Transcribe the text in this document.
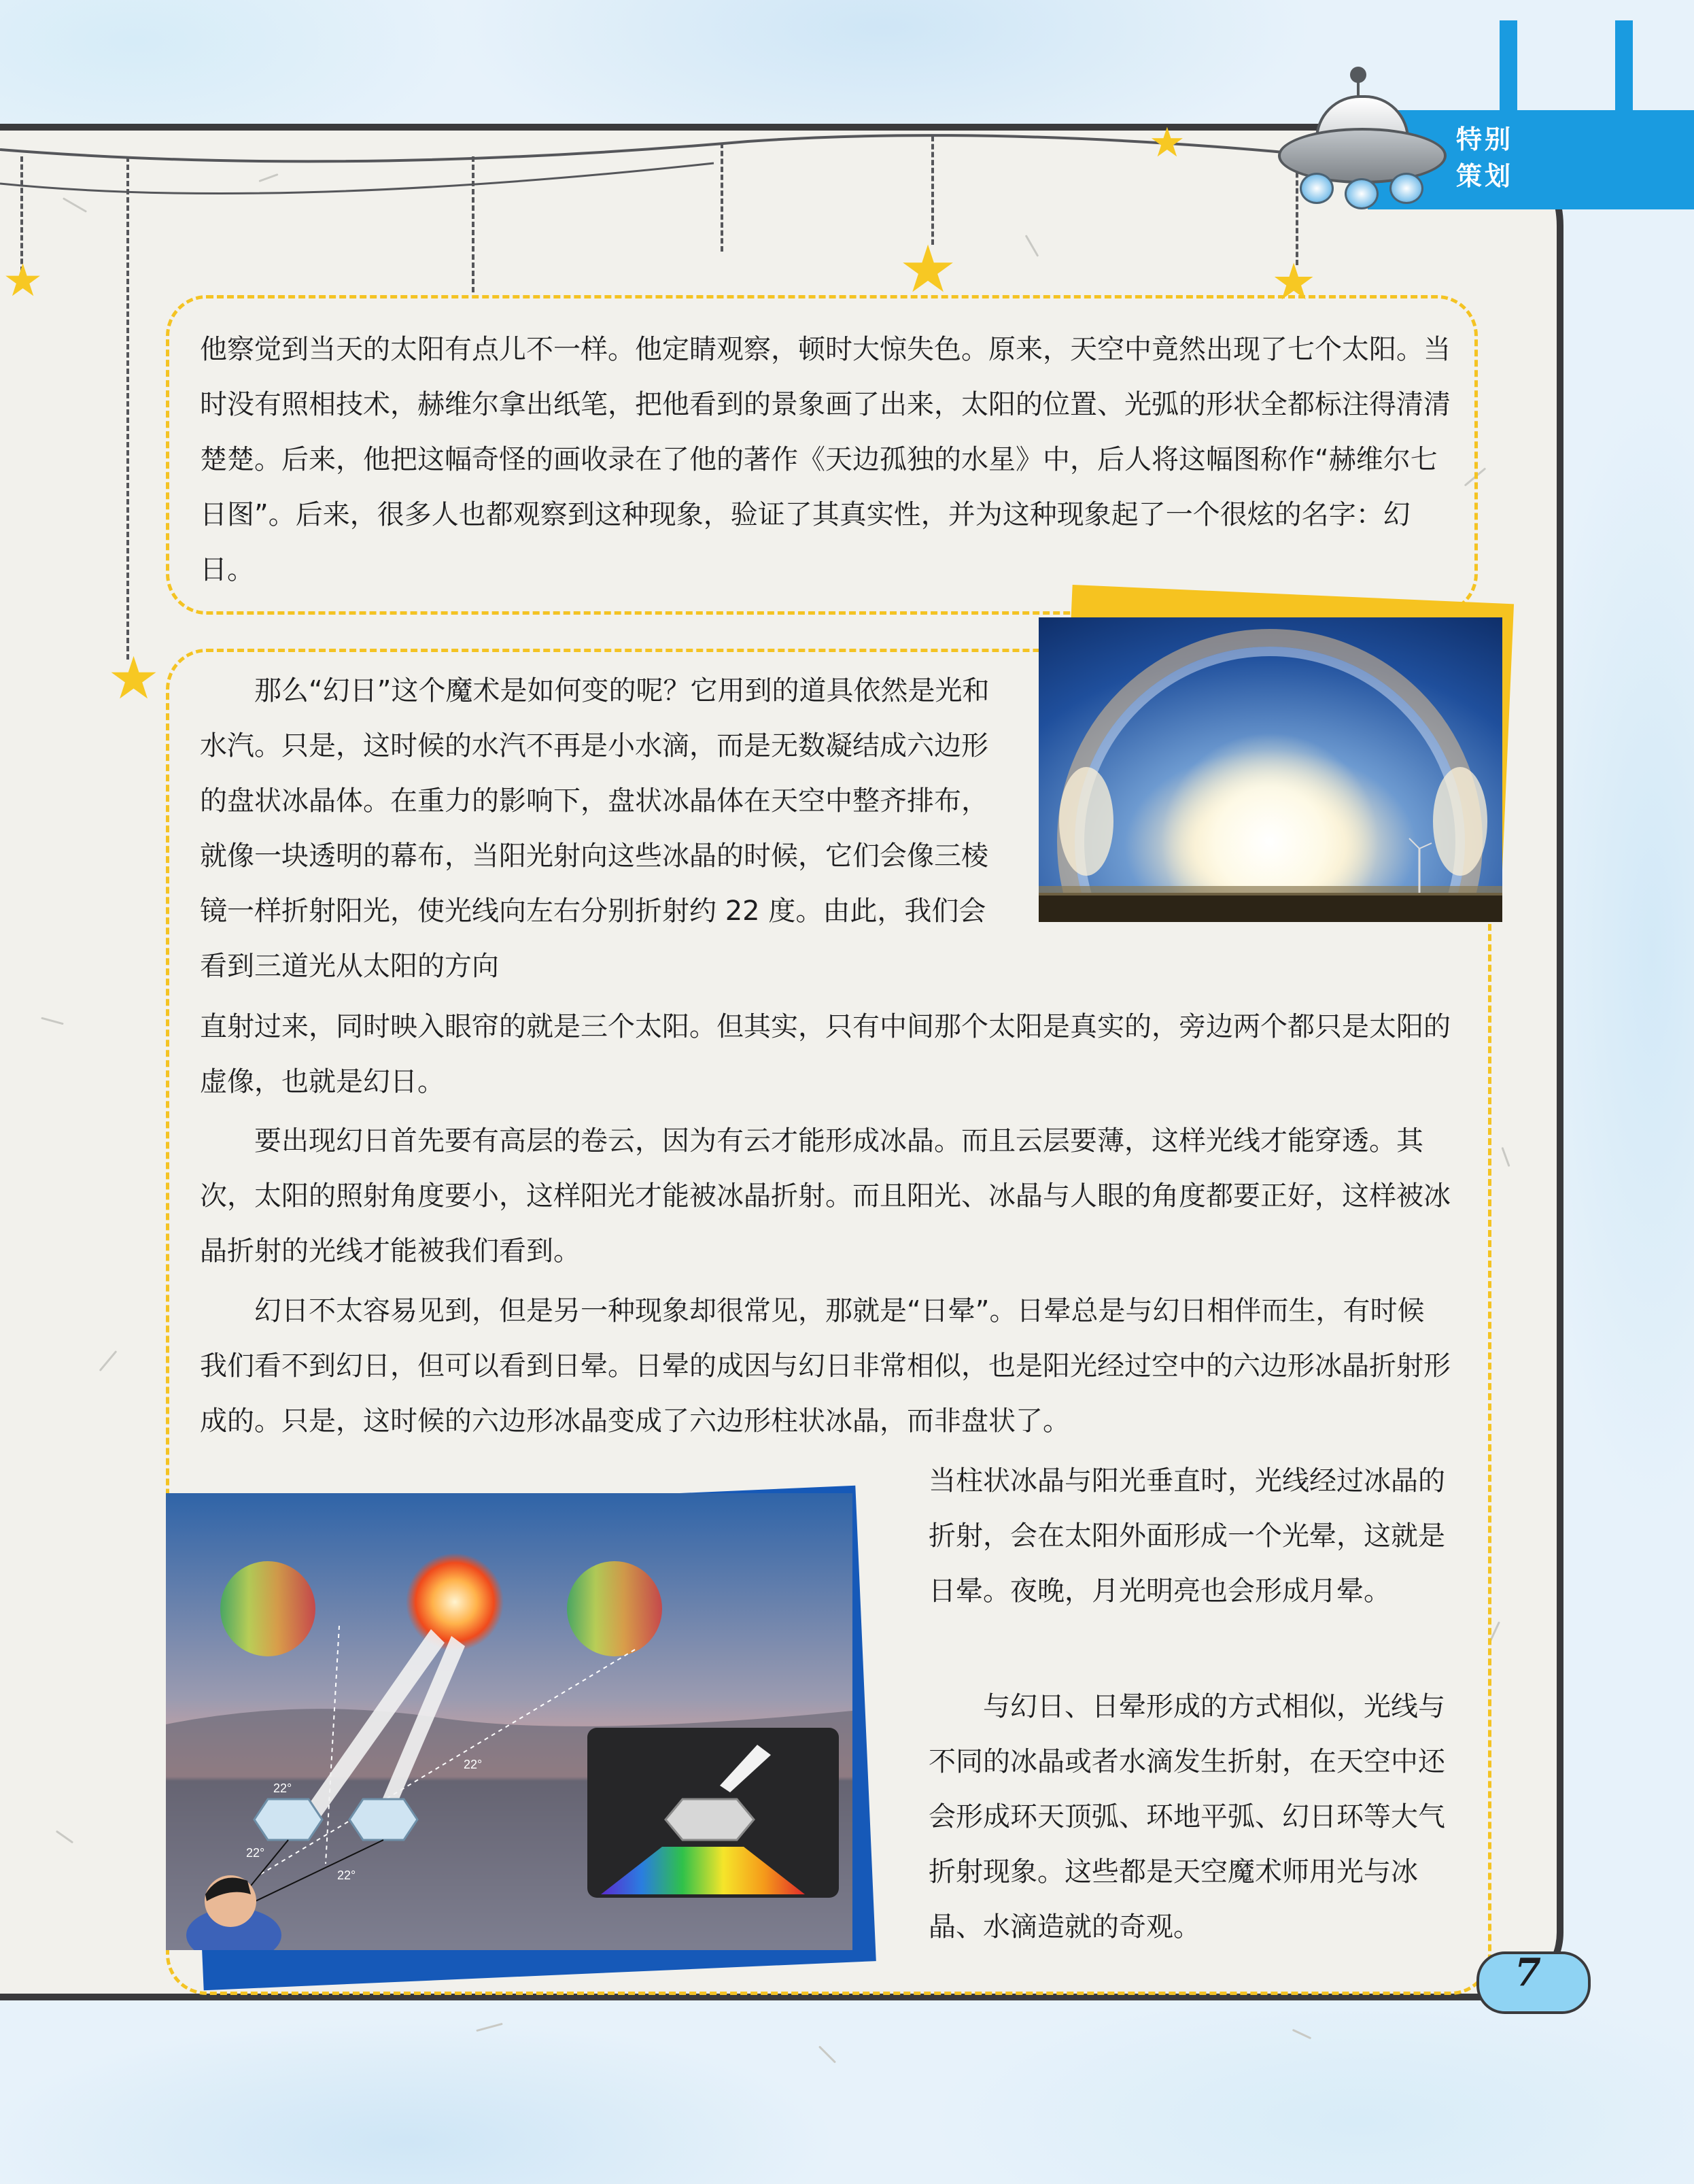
★
★
★	★
★	特别
策划

他察觉到当天的太阳有点儿不一样。他定睛观察，顿时大惊失色。原来，天空中竟然出现了七个太阳。当时没有照相技术，赫维尔拿出纸笔，把他看到的景象画了出来，太阳的位置、光弧的形状全都标注得清清楚楚。后来，他把这幅奇怪的画收录在了他的著作《天边孤独的水星》中，后人将这幅图称作“赫维尔七日图”。后来，很多人也都观察到这种现象，验证了其真实性，并为这种现象起了一个很炫的名字：幻日。

那么“幻日”这个魔术是如何变的呢？它用到的道具依然是光和水汽。只是，这时候的水汽不再是小水滴，而是无数凝结成六边形的盘状冰晶体。在重力的影响下，盘状冰晶体在天空中整齐排布，就像一块透明的幕布，当阳光射向这些冰晶的时候，它们会像三棱镜一样折射阳光，使光线向左右分别折射约 22 度。由此，我们会看到三道光从太阳的方向

直射过来，同时映入眼帘的就是三个太阳。但其实，只有中间那个太阳是真实的，旁边两个都只是太阳的虚像，也就是幻日。

要出现幻日首先要有高层的卷云，因为有云才能形成冰晶。而且云层要薄，这样光线才能穿透。其次，太阳的照射角度要小，这样阳光才能被冰晶折射。而且阳光、冰晶与人眼的角度都要正好，这样被冰晶折射的光线才能被我们看到。

幻日不太容易见到，但是另一种现象却很常见，那就是“日晕”。日晕总是与幻日相伴而生，有时候我们看不到幻日，但可以看到日晕。日晕的成因与幻日非常相似，也是阳光经过空中的六边形冰晶折射形成的。只是，这时候的六边形冰晶变成了六边形柱状冰晶，而非盘状了。

22°
22°
22°
22°

当柱状冰晶与阳光垂直时，光线经过冰晶的折射，会在太阳外面形成一个光晕，这就是日晕。夜晚，月光明亮也会形成月晕。

与幻日、日晕形成的方式相似，光线与不同的冰晶或者水滴发生折射，在天空中还会形成环天顶弧、环地平弧、幻日环等大气折射现象。这些都是天空魔术师用光与冰晶、水滴造就的奇观。

7
